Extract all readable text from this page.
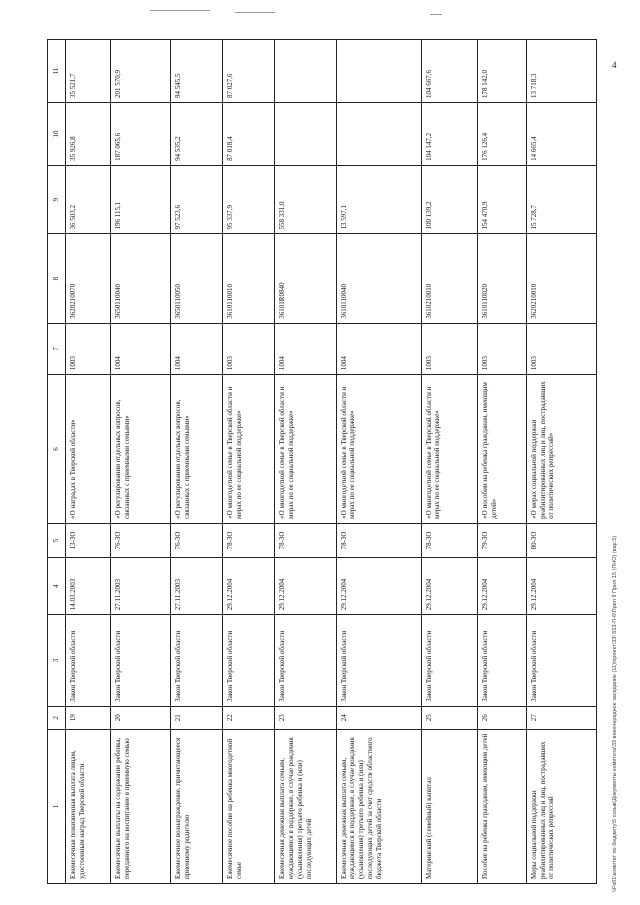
4
\\Fs01\комитет по бюджету\5 созыв\Документы комитета\33 внеочередное заседание (11)\проект\33\ 653-П-6\Прил 9 Прил 15 (ПНО) (вар.5)
1	2	3	4	5	6	7	8	9	10	11
Ежемесячная пожизненная выплата лицам, удостоенным наград Тверской области	19	Закон Тверской области	14.03.2003	13-ЗО	«О наградах в Тверской области»	1003	3620210070	36 503,2	35 926,8	35 521,7
Ежемесячные выплаты на содержание ребенка, переданного на воспитание в приемную семью	20	Закон Тверской области	27.11.2003	76-ЗО	«О регулировании отдельных вопросов, связанных с приемными семьями»	1004	3650110040	196 115,1	187 065,6	201 570,9
Ежемесячное вознаграждение, причитающееся приемному родителю	21	Закон Тверской области	27.11.2003	76-ЗО	«О регулировании отдельных вопросов, связанных с приемными семьями»	1004	3650110050	97 523,6	94 535,2	94 545,5
Ежемесячное пособие на ребенка многодетной семье	22	Закон Тверской области	29.12.2004	78-ЗО	«О многодетной семье в Тверской области и мерах по ее социальной поддержке»	1003	3610110010	95 337,9	87 018,4	87 027,6
Ежемесячная денежная выплата семьям, нуждающимся в поддержке, в случае рождения (усыновления) третьего ребенка и (или) последующих детей	23	Закон Тверской области	29.12.2004	78-ЗО	«О многодетной семье в Тверской области и мерах по ее социальной поддержке»	1004	36101R0840	558 331,0		
Ежемесячная денежная выплата семьям, нуждающимся в поддержке, в случае рождения (усыновления) третьего ребенка и (или) последующих детей за счет средств областного бюджета Тверской области	24	Закон Тверской области	29.12.2004	78-ЗО	«О многодетной семье в Тверской области и мерах по ее социальной поддержке»	1004	3610110040	13 597,1		
Материнский (семейный) капитал	25	Закон Тверской области	29.12.2004	78-ЗО	«О многодетной семье в Тверской области и мерах по ее социальной поддержке»	1003	3610210010	100 139,2	104 147,2	104 667,6
Пособие на ребенка гражданам, имеющим детей	26	Закон Тверской области	29.12.2004	79-ЗО	«О пособии на ребенка гражданам, имеющим детей»	1003	3610110020	154 470,9	176 126,4	178 142,0
Меры социальной поддержки реабилитированных лиц и лиц, пострадавших от политических репрессий	27	Закон Тверской области	29.12.2004	80-ЗО	«О мерах социальной поддержки реабилитированных лиц и лиц, пострадавших от политических репрессий»	1003	3620210010	15 728,7	14 665,4	13 718,3
